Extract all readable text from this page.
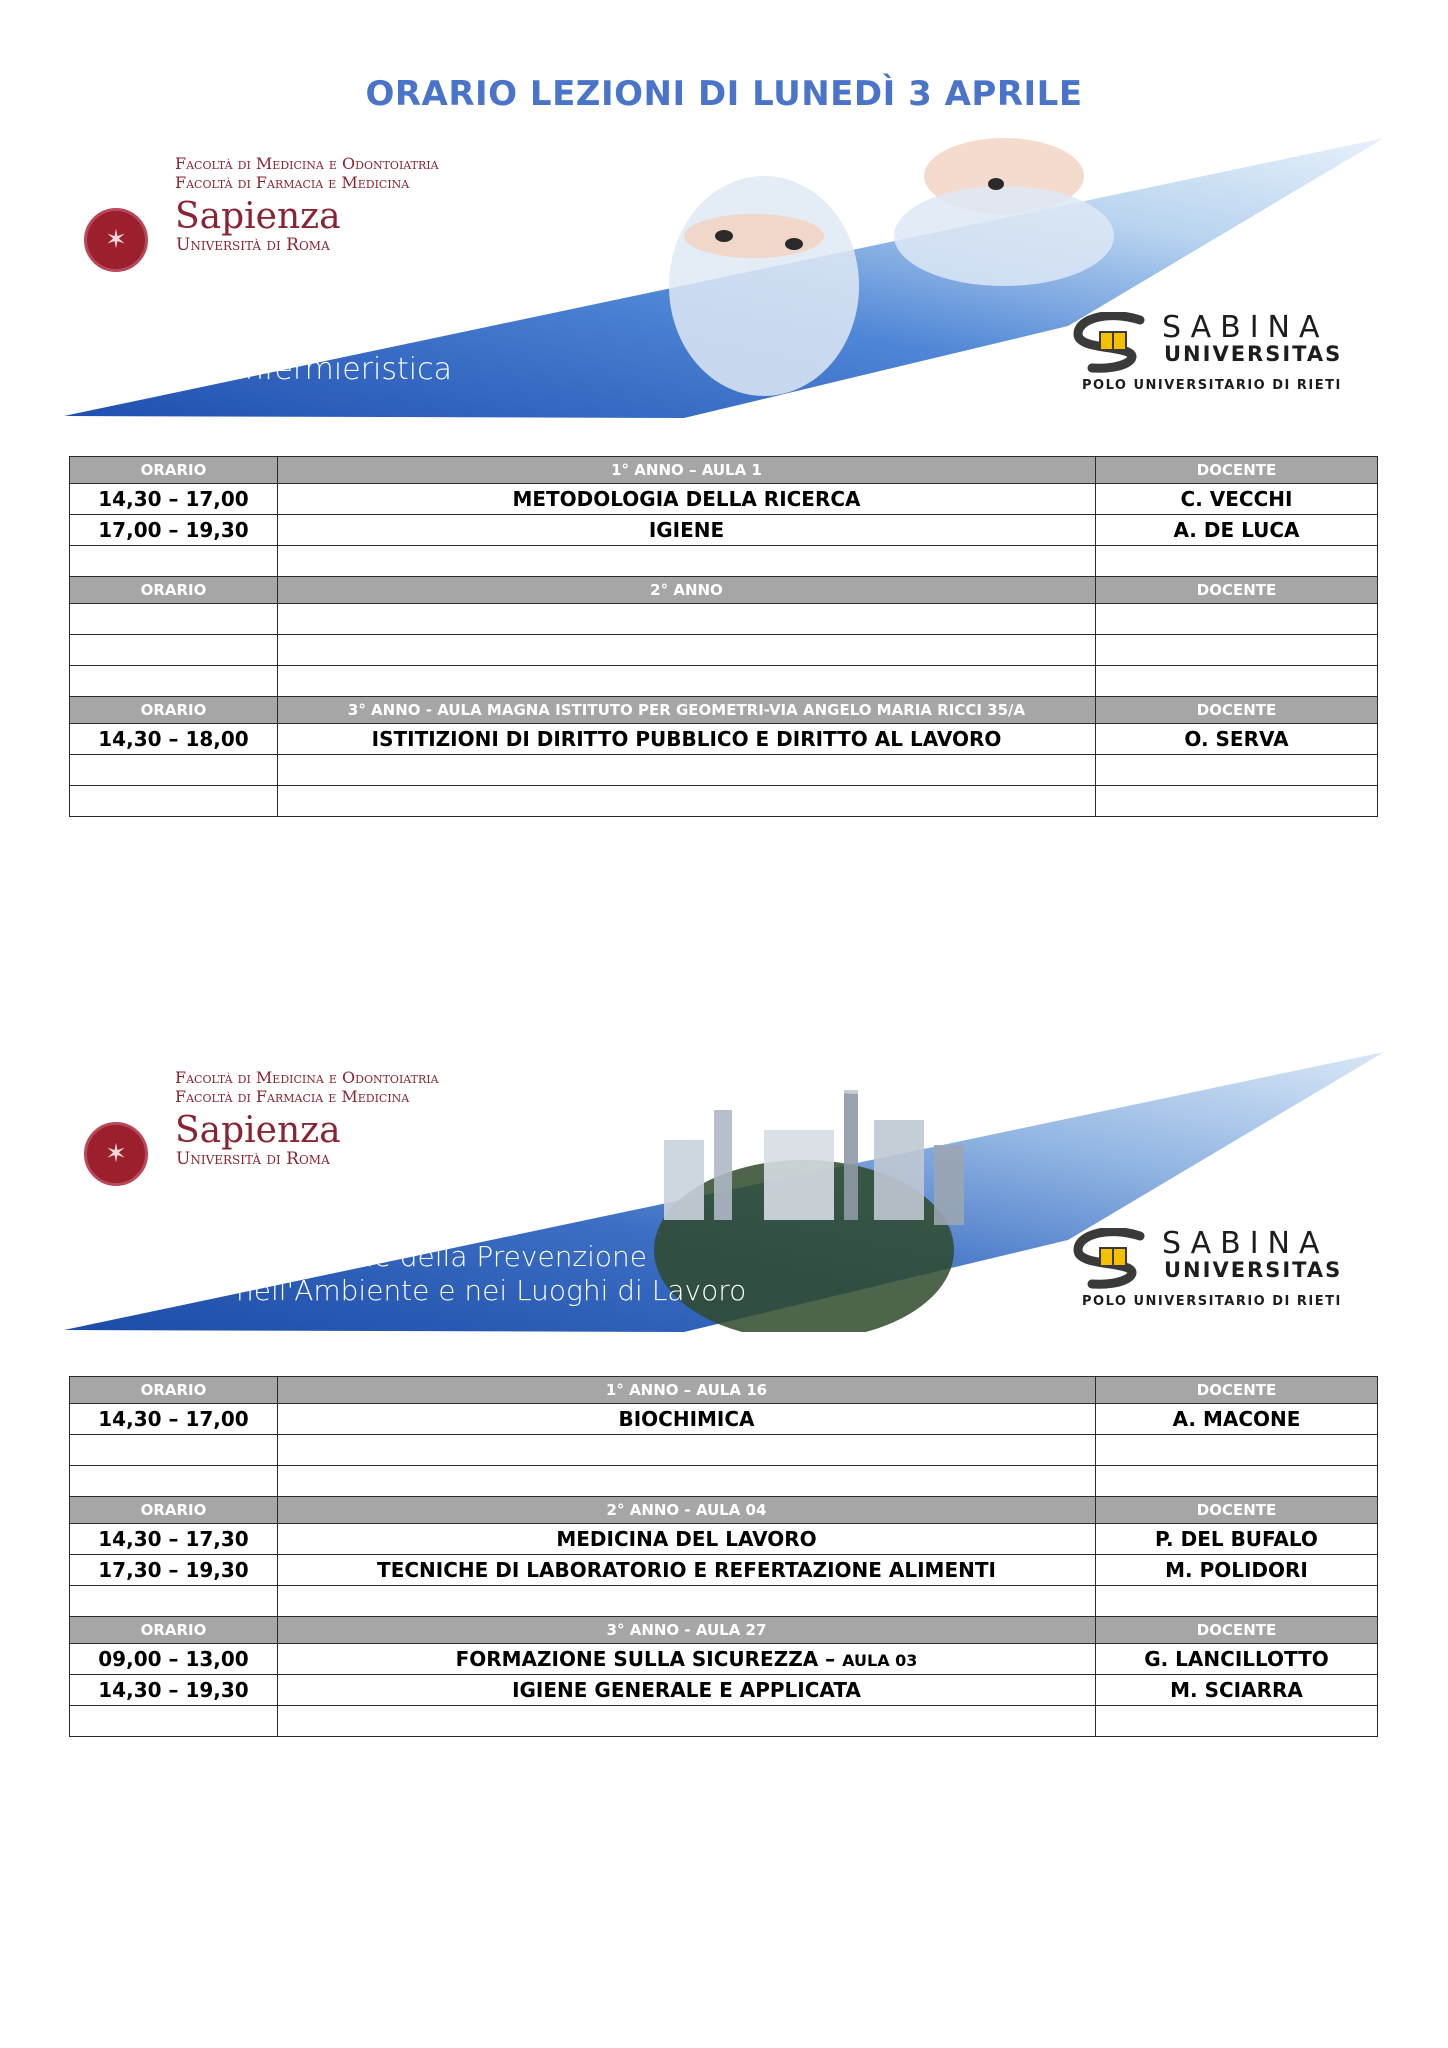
ORARIO LEZIONI DI LUNEDÌ 3 APRILE
Facoltà di Medicina e Odontoiatria
Facoltà di Farmacia e Medicina
✶
Sapienza
Università di Roma
Infermieristica
SABINA
UNIVERSITAS
POLO UNIVERSITARIO DI RIETI
ORARIO	1° ANNO – AULA 1	DOCENTE
14,30 – 17,00	METODOLOGIA DELLA RICERCA	C. VECCHI
17,00 – 19,30	IGIENE	A. DE LUCA

ORARIO	2° ANNO	DOCENTE

ORARIO	3° ANNO - AULA MAGNA ISTITUTO PER GEOMETRI-VIA ANGELO MARIA RICCI 35/A	DOCENTE
14,30 – 18,00	ISTITIZIONI DI DIRITTO PUBBLICO E DIRITTO AL LAVORO	O. SERVA

Facoltà di Medicina e Odontoiatria
Facoltà di Farmacia e Medicina
✶
Sapienza
Università di Roma
Tecniche della Prevenzione
nell'Ambiente e nei Luoghi di Lavoro
SABINA
UNIVERSITAS
POLO UNIVERSITARIO DI RIETI
ORARIO	1° ANNO – AULA 16	DOCENTE
14,30 – 17,00	BIOCHIMICA	A. MACONE

ORARIO	2° ANNO - AULA 04	DOCENTE
14,30 – 17,30	MEDICINA DEL LAVORO	P. DEL BUFALO
17,30 – 19,30	TECNICHE DI LABORATORIO E REFERTAZIONE ALIMENTI	M. POLIDORI

ORARIO	3° ANNO - AULA 27	DOCENTE
09,00 – 13,00	FORMAZIONE SULLA SICUREZZA – AULA 03	G. LANCILLOTTO
14,30 – 19,30	IGIENE GENERALE E APPLICATA	M. SCIARRA
